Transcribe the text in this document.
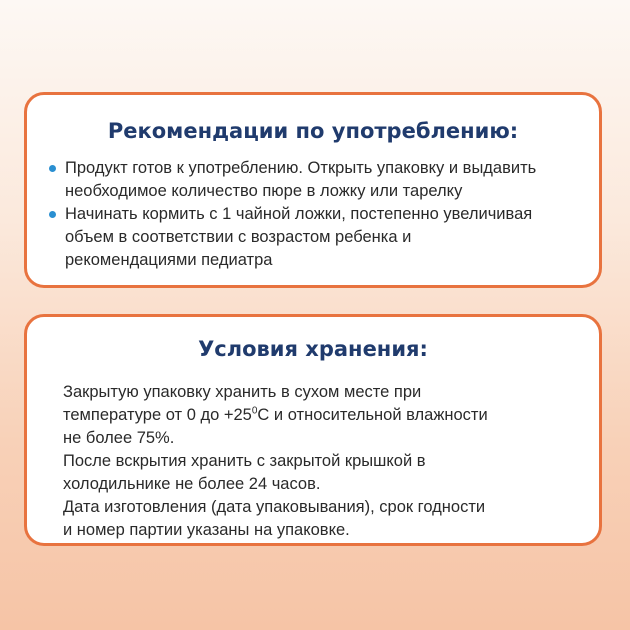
Рекомендации по употреблению:
Продукт готов к употреблению. Открыть упаковку и выдавить
необходимое количество пюре в ложку или тарелку
Начинать кормить с 1 чайной ложки, постепенно увеличивая
объем в соответствии с возрастом ребенка и
рекомендациями педиатра
Условия хранения:
Закрытую упаковку хранить в сухом месте при
температуре от 0 до $+25^0С$ и относительной влажности
не более 75%.
После вскрытия хранить с закрытой крышкой в
холодильнике не более 24 часов.
Дата изготовления (дата упаковывания), срок годности
и номер партии указаны на упаковке.
